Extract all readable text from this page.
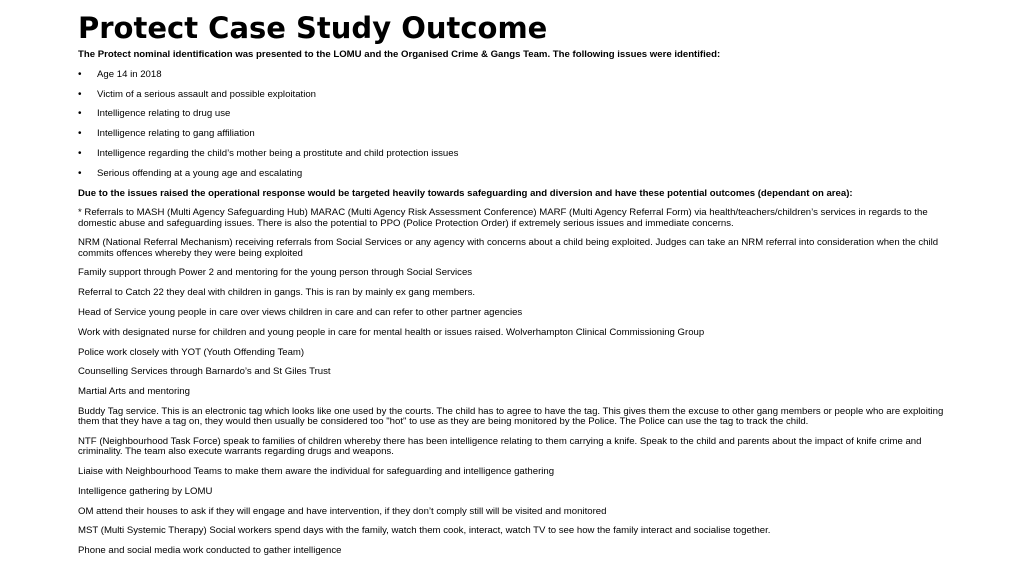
Protect Case Study Outcome

The Protect nominal identification was presented to the LOMU and the Organised Crime & Gangs Team. The following issues were identified:

• Age 14 in 2018
• Victim of a serious assault and possible exploitation
• Intelligence relating to drug use
• Intelligence relating to gang affiliation
• Intelligence regarding the child’s mother being a prostitute and child protection issues
• Serious offending at a young age and escalating

Due to the issues raised the operational response would be targeted heavily towards safeguarding and diversion and have these potential outcomes (dependant on area):

* Referrals to MASH (Multi Agency Safeguarding Hub) MARAC (Multi Agency Risk Assessment Conference) MARF (Multi Agency Referral Form) via health/teachers/children’s services in regards to the domestic abuse and safeguarding issues. There is also the potential to PPO (Police Protection Order) if extremely serious issues and immediate concerns.

NRM (National Referral Mechanism) receiving referrals from Social Services or any agency with concerns about a child being exploited. Judges can take an NRM referral into consideration when the child commits offences whereby they were being exploited

Family support through Power 2 and mentoring for the young person through Social Services

Referral to Catch 22 they deal with children in gangs. This is ran by mainly ex gang members.

Head of Service young people in care over views children in care and can refer to other partner agencies

Work with designated nurse for children and young people in care for mental health or issues raised. Wolverhampton Clinical Commissioning Group

Police work closely with YOT (Youth Offending Team)

Counselling Services through Barnardo’s and St Giles Trust

Martial Arts and mentoring

Buddy Tag service. This is an electronic tag which looks like one used by the courts. The child has to agree to have the tag. This gives them the excuse to other gang members or people who are exploiting them that they have a tag on, they would then usually be considered too "hot" to use as they are being monitored by the Police. The Police can use the tag to track the child.

NTF (Neighbourhood Task Force) speak to families of children whereby there has been intelligence relating to them carrying a knife. Speak to the child and parents about the impact of knife crime and criminality. The team also execute warrants regarding drugs and weapons.

Liaise with Neighbourhood Teams to make them aware the individual for safeguarding and intelligence gathering

Intelligence gathering by LOMU

OM attend their houses to ask if they will engage and have intervention, if they don’t comply still will be visited and monitored

MST (Multi Systemic Therapy) Social workers spend days with the family, watch them cook, interact, watch TV to see how the family interact and socialise together.

Phone and social media work conducted to gather intelligence
